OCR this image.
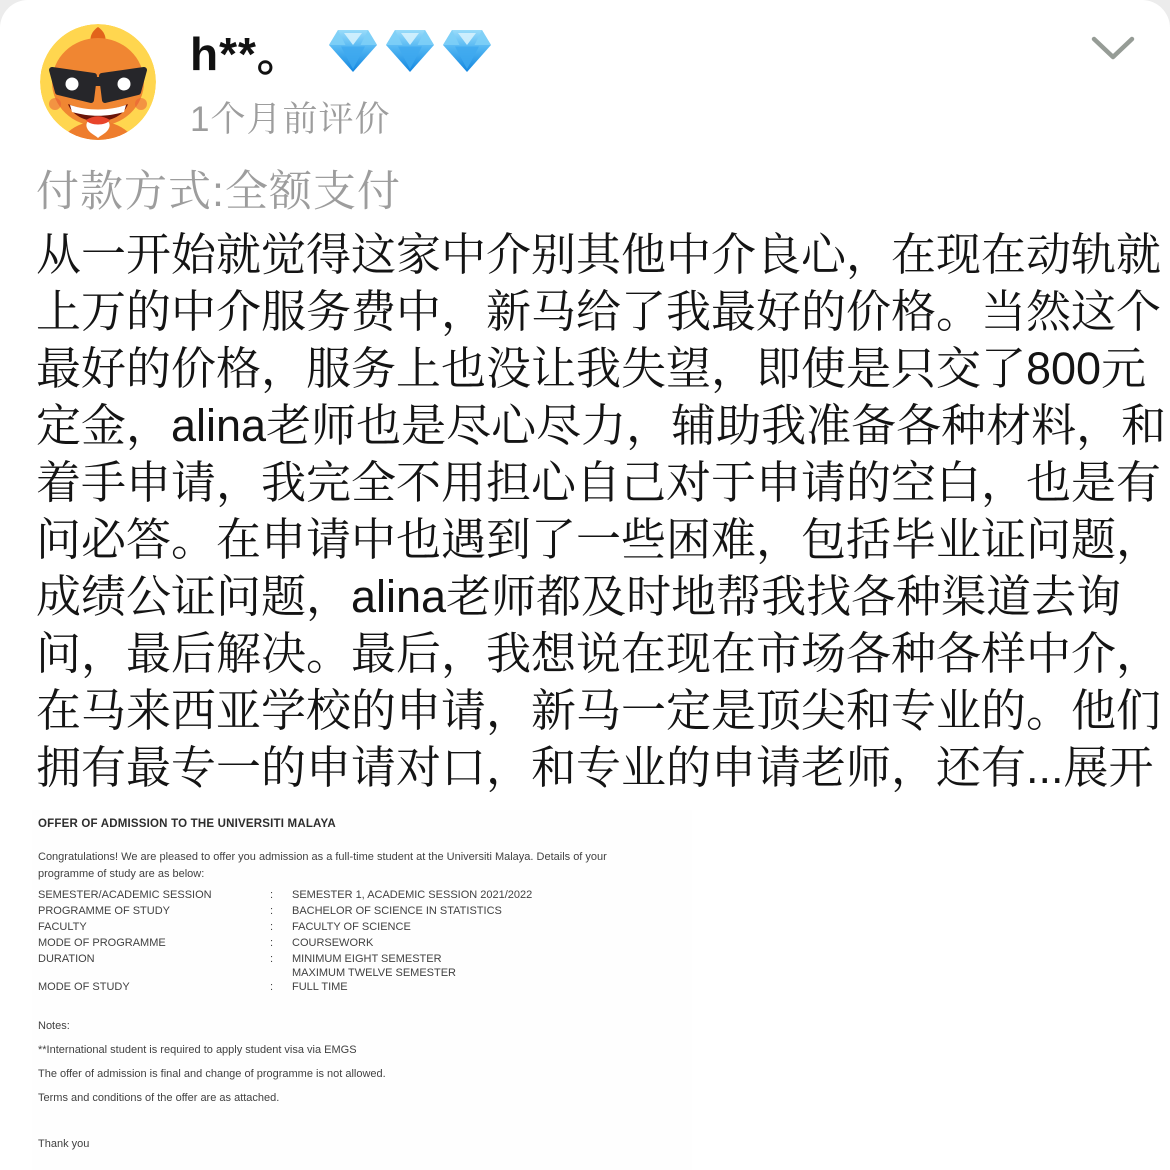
h**。
1个月前评价
付款方式:全额支付
从一开始就觉得这家中介别其他中介良心，在现在动轨就
上万的中介服务费中，新马给了我最好的价格。当然这个
最好的价格，服务上也没让我失望，即使是只交了800元
定金，alina老师也是尽心尽力，辅助我准备各种材料，和
着手申请，我完全不用担心自己对于申请的空白，也是有
问必答。在申请中也遇到了一些困难，包括毕业证问题，
成绩公证问题，alina老师都及时地帮我找各种渠道去询
问，最后解决。最后，我想说在现在市场各种各样中介，
在马来西亚学校的申请，新马一定是顶尖和专业的。他们
拥有最专一的申请对口，和专业的申请老师，还有...展开
OFFER OF ADMISSION TO THE UNIVERSITI MALAYA
Congratulations! We are pleased to offer you admission as a full-time student at the Universiti Malaya. Details of your
programme of study are as below:
SEMESTER/ACADEMIC SESSION	:	SEMESTER 1, ACADEMIC SESSION 2021/2022
PROGRAMME OF STUDY	:	BACHELOR OF SCIENCE IN STATISTICS
FACULTY	:	FACULTY OF SCIENCE
MODE OF PROGRAMME	:	COURSEWORK
DURATION	:	MINIMUM EIGHT SEMESTER
MAXIMUM TWELVE SEMESTER
MODE OF STUDY	:	FULL TIME
Notes:
**International student is required to apply student visa via EMGS
The offer of admission is final and change of programme is not allowed.
Terms and conditions of the offer are as attached.
Thank you
